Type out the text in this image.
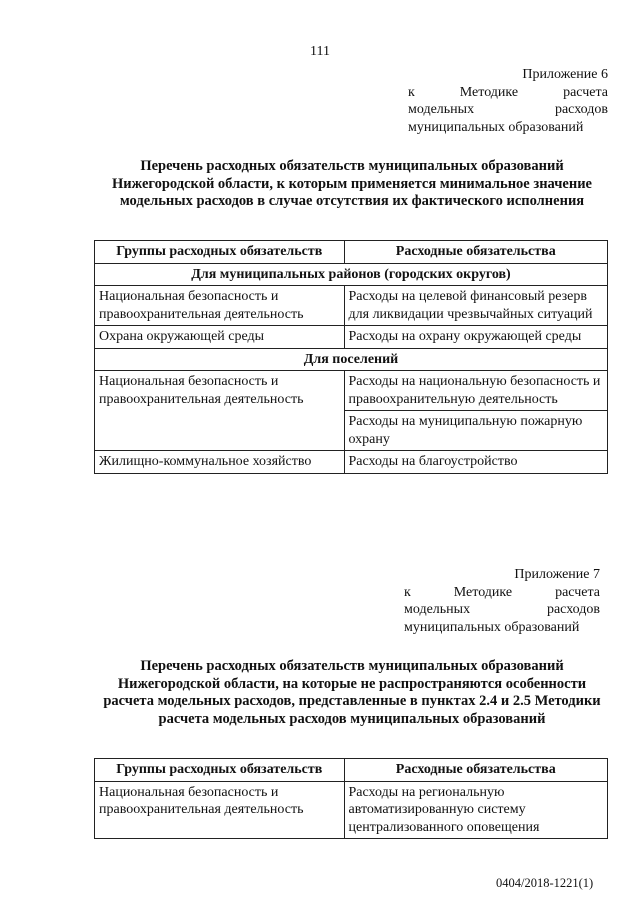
111
Приложение 6
к	Методике	расчета
модельных	расходов
муниципальных образований
Перечень расходных обязательств муниципальных образований Нижегородской области, к которым применяется минимальное значение модельных расходов в случае отсутствия их фактического исполнения
Группы расходных обязательств	Расходные обязательства
Для муниципальных районов (городских округов)	
Национальная безопасность и правоохранительная деятельность	Расходы на целевой финансовый резерв для ликвидации чрезвычайных ситуаций
Охрана окружающей среды	Расходы на охрану окружающей среды
Для поселений	
Национальная безопасность и правоохранительная деятельность	Расходы на национальную безопасность и правоохранительную деятельность
	Расходы на муниципальную пожарную охрану
Жилищно-коммунальное хозяйство	Расходы на благоустройство
Приложение 7
к	Методике	расчета
модельных	расходов
муниципальных образований
Перечень расходных обязательств муниципальных образований Нижегородской области, на которые не распространяются особенности расчета модельных расходов, представленные в пунктах 2.4 и 2.5 Методики расчета модельных расходов муниципальных образований
Группы расходных обязательств	Расходные обязательства
Национальная безопасность и правоохранительная деятельность	Расходы на региональную автоматизированную систему централизованного оповещения
0404/2018-1221(1)
